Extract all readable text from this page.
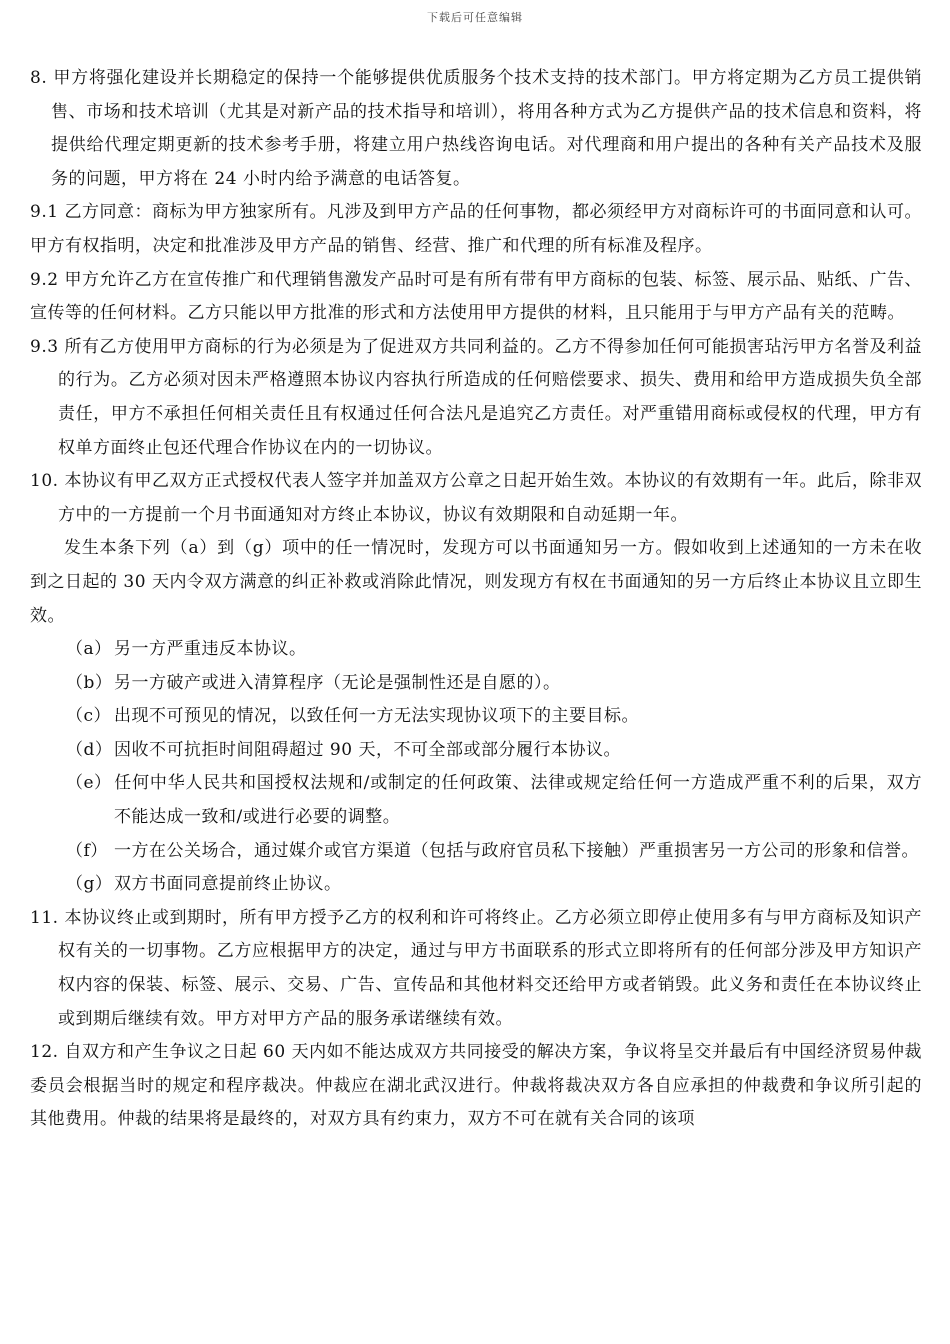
下载后可任意编辑

8. 甲方将强化建设并长期稳定的保持一个能够提供优质服务个技术支持的技术部门。甲方将定期为乙方员工提供销售、市场和技术培训（尤其是对新产品的技术指导和培训），将用各种方式为乙方提供产品的技术信息和资料，将提供给代理定期更新的技术参考手册，将建立用户热线咨询电话。对代理商和用户提出的各种有关产品技术及服务的问题，甲方将在 24 小时内给予满意的电话答复。

9.1 乙方同意：商标为甲方独家所有。凡涉及到甲方产品的任何事物，都必须经甲方对商标许可的书面同意和认可。甲方有权指明，决定和批准涉及甲方产品的销售、经营、推广和代理的所有标准及程序。

9.2 甲方允许乙方在宣传推广和代理销售激发产品时可是有所有带有甲方商标的包装、标签、展示品、贴纸、广告、宣传等的任何材料。乙方只能以甲方批准的形式和方法使用甲方提供的材料，且只能用于与甲方产品有关的范畴。

9.3 所有乙方使用甲方商标的行为必须是为了促进双方共同利益的。乙方不得参加任何可能损害玷污甲方名誉及利益的行为。乙方必须对因未严格遵照本协议内容执行所造成的任何赔偿要求、损失、费用和给甲方造成损失负全部责任，甲方不承担任何相关责任且有权通过任何合法凡是追究乙方责任。对严重错用商标或侵权的代理，甲方有权单方面终止包还代理合作协议在内的一切协议。

10. 本协议有甲乙双方正式授权代表人签字并加盖双方公章之日起开始生效。本协议的有效期有一年。此后，除非双方中的一方提前一个月书面通知对方终止本协议，协议有效期限和自动延期一年。

发生本条下列（a）到（g）项中的任一情况时，发现方可以书面通知另一方。假如收到上述通知的一方未在收到之日起的 30 天内令双方满意的纠正补救或消除此情况，则发现方有权在书面通知的另一方后终止本协议且立即生效。

（a） 另一方严重违反本协议。

（b）另一方破产或进入清算程序（无论是强制性还是自愿的）。

（c） 出现不可预见的情况，以致任何一方无法实现协议项下的主要目标。

（d）因收不可抗拒时间阻碍超过 90 天，不可全部或部分履行本协议。

（e） 任何中华人民共和国授权法规和/或制定的任何政策、法律或规定给任何一方造成严重不利的后果，双方不能达成一致和/或进行必要的调整。

（f） 一方在公关场合，通过媒介或官方渠道（包括与政府官员私下接触）严重损害另一方公司的形象和信誉。

（g）双方书面同意提前终止协议。

11. 本协议终止或到期时，所有甲方授予乙方的权利和许可将终止。乙方必须立即停止使用多有与甲方商标及知识产权有关的一切事物。乙方应根据甲方的决定，通过与甲方书面联系的形式立即将所有的任何部分涉及甲方知识产权内容的保装、标签、展示、交易、广告、宣传品和其他材料交还给甲方或者销毁。此义务和责任在本协议终止或到期后继续有效。甲方对甲方产品的服务承诺继续有效。

12. 自双方和产生争议之日起 60 天内如不能达成双方共同接受的解决方案，争议将呈交并最后有中国经济贸易仲裁委员会根据当时的规定和程序裁决。仲裁应在湖北武汉进行。仲裁将裁决双方各自应承担的仲裁费和争议所引起的其他费用。仲裁的结果将是最终的，对双方具有约束力，双方不可在就有关合同的该项
